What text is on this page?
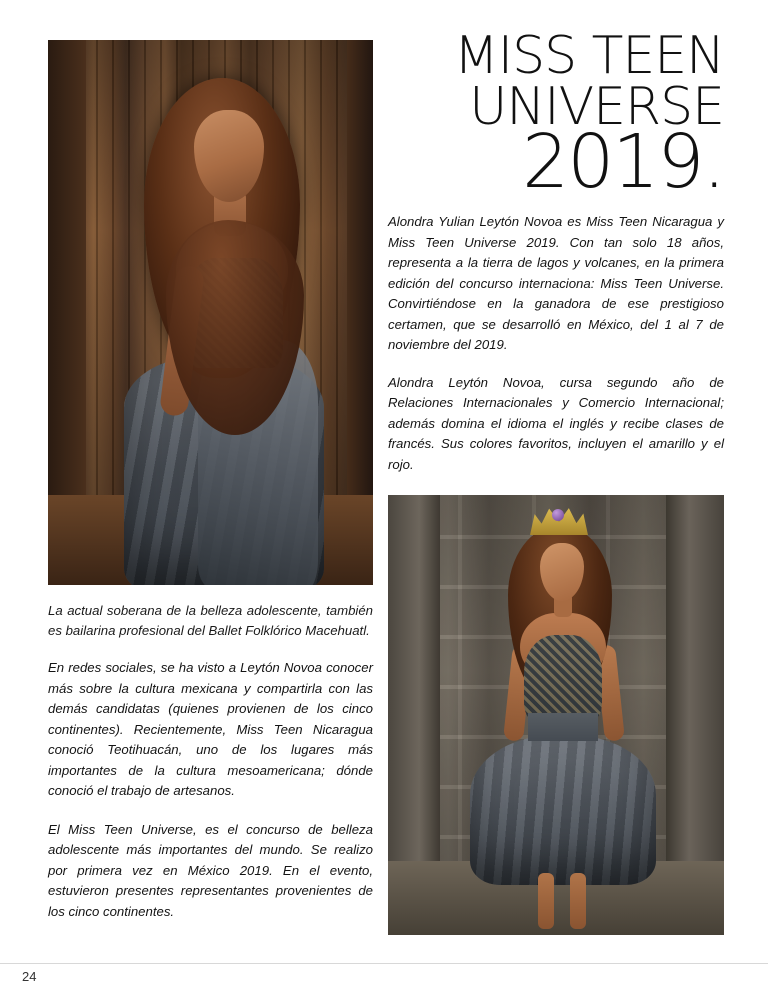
La actual soberana de la belleza adolescente, también es bailarina profesional del Ballet Folklórico Macehuatl.

En redes sociales, se ha visto a Leytón Novoa conocer más sobre la cultura mexicana y compartirla con las demás candidatas (quienes provienen de los cinco continentes). Recientemente, Miss Teen Nicaragua conoció Teotihuacán, uno de los lugares más importantes de la cultura mesoamericana; dónde conoció el trabajo de artesanos.

El Miss Teen Universe, es el concurso de belleza adolescente más importantes del mundo. Se realizo por primera vez en México 2019. En el evento, estuvieron presentes representantes provenientes de los cinco continentes.

MISS TEEN
UNIVERSE
2019.

Alondra Yulian Leytón Novoa es Miss Teen Nicaragua y Miss Teen Universe 2019. Con tan solo 18 años, representa a la tierra de lagos y volcanes, en la primera edición del concurso internaciona: Miss Teen Universe. Convirtiéndose en la ganadora de ese prestigioso certamen, que se desarrolló en México, del 1 al 7 de noviembre del 2019.

Alondra Leytón Novoa, cursa segundo año de Relaciones Internacionales y Comercio Internacional; además domina el idioma el inglés y recibe clases de francés. Sus colores favoritos, incluyen el amarillo y el rojo.

24
